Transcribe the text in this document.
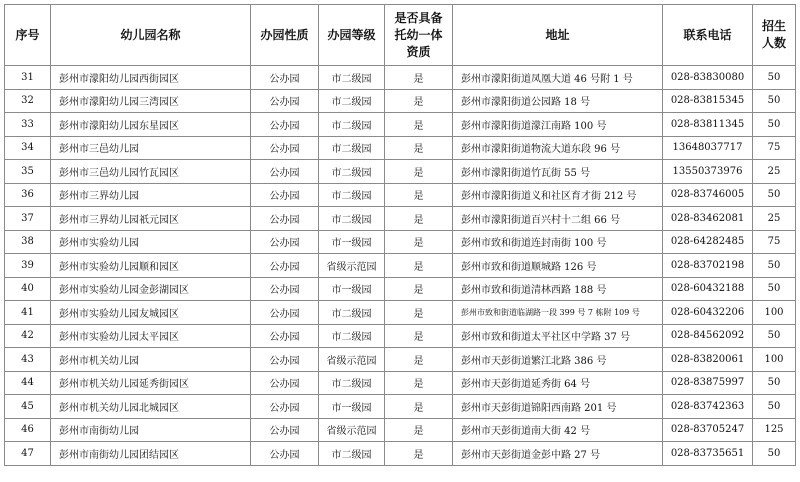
序号	幼儿园名称	办园性质	办园等级	是否具备
托幼一体
资质	地址	联系电话	招生
人数

31	彭州市濛阳幼儿园西街园区	公办园	市二级园	是	彭州市濛阳街道凤凰大道 46 号附 1 号	028-83830080	50
32	彭州市濛阳幼儿园三湾园区	公办园	市二级园	是	彭州市濛阳街道公园路 18 号	028-83815345	50
33	彭州市濛阳幼儿园东星园区	公办园	市二级园	是	彭州市濛阳街道濛江南路 100 号	028-83811345	50
34	彭州市三邑幼儿园	公办园	市二级园	是	彭州市濛阳街道物流大道东段 96 号	13648037717	75
35	彭州市三邑幼儿园竹瓦园区	公办园	市二级园	是	彭州市濛阳街道竹瓦街 55 号	13550373976	25
36	彭州市三界幼儿园	公办园	市二级园	是	彭州市濛阳街道义和社区育才街 212 号	028-83746005	50
37	彭州市三界幼儿园祇元园区	公办园	市二级园	是	彭州市濛阳街道百兴村十二组 66 号	028-83462081	25
38	彭州市实验幼儿园	公办园	市一级园	是	彭州市致和街道连封南街 100 号	028-64282485	75
39	彭州市实验幼儿园顺和园区	公办园	省级示范园	是	彭州市致和街道顺城路 126 号	028-83702198	50
40	彭州市实验幼儿园金彭湖园区	公办园	市一级园	是	彭州市致和街道清林西路 188 号	028-60432188	50
41	彭州市实验幼儿园友城园区	公办园	市二级园	是	彭州市致和街道临湖路一段 399 号 7 栋附 109 号	028-60432206	100
42	彭州市实验幼儿园太平园区	公办园	市二级园	是	彭州市致和街道太平社区中学路 37 号	028-84562092	50
43	彭州市机关幼儿园	公办园	省级示范园	是	彭州市天彭街道繁江北路 386 号	028-83820061	100
44	彭州市机关幼儿园延秀街园区	公办园	市二级园	是	彭州市天彭街道延秀街 64 号	028-83875997	50
45	彭州市机关幼儿园北城园区	公办园	市一级园	是	彭州市天彭街道锦阳西南路 201 号	028-83742363	50
46	彭州市南街幼儿园	公办园	省级示范园	是	彭州市天彭街道南大街 42 号	028-83705247	125
47	彭州市南街幼儿园团结园区	公办园	市二级园	是	彭州市天彭街道金彭中路 27 号	028-83735651	50
